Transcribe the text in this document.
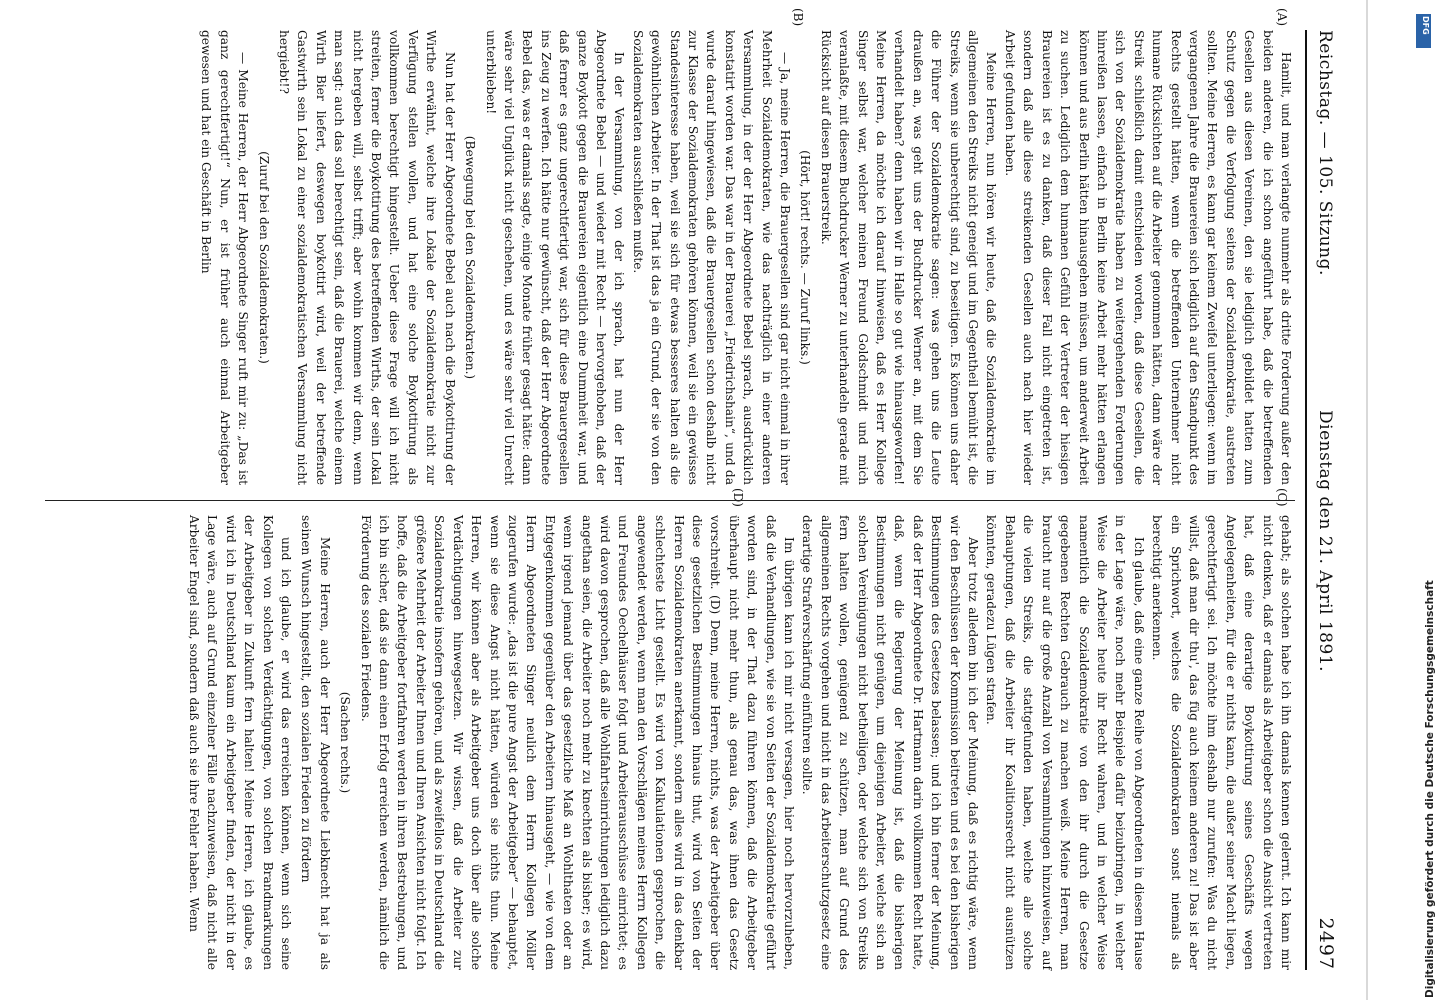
Reichstag. — 105. Sitzung.
Dienstag den 21. April 1891.
2497
(A)
(B)
(C)
(D)

Hamlit, und man verlangte nunmehr als dritte Forderung außer den beiden anderen, die ich schon angeführt habe, daß die betreffenden Gesellen aus diesen Vereinen, den sie lediglich gebildet hatten zum Schutz gegen die Verfolgung seitens der Sozialdemokratie, austreten sollten. Meine Herren, es kann gar keinem Zweifel unterliegen: wenn im vergangenen Jahre die Brauereien sich lediglich auf den Standpunkt des Rechts gestellt hätten, wenn die betreffenden Unternehmer nicht humane Rücksichten auf die Arbeiter genommen hätten, dann wäre der Streik schließlich damit entschieden worden, daß diese Gesellen, die sich von der Sozialdemokratie haben zu weitergehenden Forderungen hinreißen lassen, einfach in Berlin keine Arbeit mehr hätten erlangen können und aus Berlin hätten hinausgehen müssen, um anderweit Arbeit zu suchen. Lediglich dem humanen Gefühl der Vertreter der hiesigen Brauereien ist es zu danken, daß dieser Fall nicht eingetreten ist, sondern daß alle diese streikenden Gesellen auch nach hier wieder Arbeit gefunden haben.

Meine Herren, nun hören wir heute, daß die Sozialdemokratie im allgemeinen den Streiks nicht geneigt und im Gegentheil bemüht ist, die Streiks, wenn sie unberechtigt sind, zu beseitigen. Es können uns daher die Führer der Sozialdemokratie sagen: was gehen uns die Leute draußen an, was geht uns der Buchdrucker Werner an, mit dem Sie verhandelt haben? denn haben wir in Halle so gut wie hinausgeworfen! Meine Herren, da möchte ich darauf hinweisen, daß es Herr Kollege Singer selbst war, welcher meinen Freund Goldschmidt und mich veranlaßte, mit diesem Buchdrucker Werner zu unterhandeln gerade mit Rücksicht auf diesen Brauerstreik.

(Hört, hört! rechts. — Zuruf links.)

— Ja, meine Herren, die Brauergesellen sind gar nicht einmal in ihrer Mehrheit Sozialdemokraten, wie das nachträglich in einer anderen Versammlung, in der der Herr Abgeordnete Bebel sprach, ausdrücklich konstatirt worden war. Das war in der Brauerei „Friedrichshain“, und da wurde darauf hingewiesen, daß die Brauergesellen schon deshalb nicht zur Klasse der Sozialdemokraten gehören können, weil sie ein gewisses Standesinteresse haben, weil sie sich für etwas besseres halten als die gewöhnlichen Arbeiter. In der That ist das ja ein Grund, der sie von den Sozialdemokraten ausschließen mußte.

In der Versammlung, von der ich sprach, hat nun der Herr Abgeordnete Bebel — und wieder mit Recht — hervorgehoben, daß der ganze Boykott gegen die Brauereien eigentlich eine Dummheit war, und daß ferner es ganz ungerechtfertigt war, sich für diese Brauergesellen ins Zeug zu werfen. Ich hätte nur gewünscht, daß der Herr Abgeordnete Bebel das, was er damals sagte, einige Monate früher gesagt hätte: dann wäre sehr viel Unglück nicht geschehen, und es wäre sehr viel Unrecht unterblieben!

(Bewegung bei den Sozialdemokraten.)

Nun hat der Herr Abgeordnete Bebel auch nach die Boykottirung der Wirthe erwähnt, welche ihre Lokale der Sozialdemokratie nicht zur Verfügung stellen wollen, und hat eine solche Boykottirung als vollkommen berechtigt hingestellt. Ueber diese Frage will ich nicht streiten, ferner die Boykottirung des betreffenden Wirths, der sein Lokal nicht hergeben will, selbst trifft; aber wohin kommen wir denn, wenn man sagt: auch das soll berechtigt sein, daß die Brauerei, welche einem Wirth Bier liefert, deswegen boykottirt wird, weil der betreffende Gastwirth sein Lokal zu einer sozialdemokratischen Versammlung nicht hergiebt!?

(Zuruf bei den Sozialdemokraten.)

— Meine Herren, der Herr Abgeordnete Singer ruft mir zu: „Das ist ganz gerechtfertigt!“ Nun, er ist früher auch einmal Arbeitgeber gewesen und hat ein Geschäft in Berlin

gehabt; als solchen habe ich ihn damals kennen gelernt. Ich kann mir nicht denken, daß er damals als Arbeitgeber schon die Ansicht vertreten hat, daß eine derartige Boykottirung seines Geschäfts wegen Angelegenheiten, für die er nichts kann, die außer seiner Macht liegen, gerechtfertigt sei. Ich möchte ihm deshalb nur zurufen: Was du nicht willst, daß man dir thu', das füg auch keinem anderen zu! Das ist aber ein Sprichwort, welches die Sozialdemokraten sonst niemals als berechtigt anerkennen.

Ich glaube, daß eine ganze Reihe von Abgeordneten in diesem Hause in der Lage wäre, noch mehr Beispiele dafür beizubringen, in welcher Weise die Arbeiter heute ihr Recht wahren, und in welcher Weise namentlich die Sozialdemokratie von den ihr durch die Gesetze gegebenen Rechten Gebrauch zu machen weiß. Meine Herren, man braucht nur auf die große Anzahl von Versammlungen hinzuweisen, auf die vielen Streiks, die stattgefunden haben, welche alle solche Behauptungen, daß die Arbeiter ihr Koalitionsrecht nicht ausnützen könnten, geradezu Lügen strafen.

Aber trotz alledem bin ich der Meinung, daß es richtig wäre, wenn wir den Beschlüssen der Kommission beitreten und es bei den bisherigen Bestimmungen des Gesetzes belassen; und ich bin ferner der Meinung, daß der Herr Abgeordnete Dr. Hartmann darin vollkommen Recht hatte, daß, wenn die Regierung der Meinung ist, daß die bisherigen Bestimmungen nicht genügen, um diejenigen Arbeiter, welche sich an solchen Vereinigungen nicht betheiligen, oder welche sich von Streiks fern halten wollen, genügend zu schützen, man auf Grund des allgemeinen Rechts vorgehen und nicht in das Arbeiterschutzgesetz eine derartige Strafverschärfung einführen sollte.

Im übrigen kann ich mir nicht versagen, hier noch hervorzuheben, daß die Verhandlungen, wie sie von Seiten der Sozialdemokratie geführt worden sind, in der That dazu führen können, daß die Arbeitgeber überhaupt nicht mehr thun, als genau das, was ihnen das Gesetz vorschreibt. (D) Denn, meine Herren, nichts, was der Arbeitgeber über diese gesetzlichen Bestimmungen hinaus thut, wird von Seiten der Herren Sozialdemokraten anerkannt, sondern alles wird in das denkbar schlechteste Licht gestellt. Es wird von Kalkulationen gesprochen, die angewendet werden, wenn man den Vorschlägen meines Herrn Kollegen und Freundes Oechelhäuser folgt und Arbeiterausschüsse einrichtet; es wird davon gesprochen, daß alle Wohlfahrtseinrichtungen lediglich dazu angethan seien, die Arbeiter noch mehr zu knechten als bisher; es wird, wenn irgend jemand über das gesetzliche Maß an Wohlthaten oder an Entgegenkommen gegenüber den Arbeitern hinausgeht, — wie von dem Herrn Abgeordneten Singer neulich dem Herrn Kollegen Möller zugerufen wurde: „das ist die pure Angst der Arbeitgeber“ — behauptet, wenn sie diese Angst nicht hätten, würden sie nichts thun. Meine Herren, wir können aber als Arbeitgeber uns doch über alle solche Verdächtigungen hinwegsetzen. Wir wissen, daß die Arbeiter zur Sozialdemokratie insofern gehören, und als zweifellos in Deutschland die größere Mehrheit der Arbeiter Ihnen und Ihren Ansichten nicht folgt. Ich hoffe, daß die Arbeitgeber fortfahren werden in ihren Bestrebungen, und ich bin sicher, daß sie dann einen Erfolg erreichen werden, nämlich die Förderung des sozialen Friedens.

(Sachen rechts.)

Meine Herren, auch der Herr Abgeordnete Liebknecht hat ja als seinen Wunsch hingestellt, den sozialen Frieden zu fördern

und ich glaube, er wird das erreichen können, wenn sich seine Kollegen von solchen Verdächtigungen, von solchen Brandmarkungen der Arbeitgeber in Zukunft fern halten! Meine Herren, ich glaube, es wird ich in Deutschland kaum ein Arbeitgeber finden, der nicht in der Lage wäre, auch auf Grund einzelner Fälle nachzuweisen, daß nicht alle Arbeiter Engel sind, sondern daß auch sie ihre Fehler haben. Wenn	Digitalisierung gefördert durch die Deutsche Forschungsgemeinschaft
DFG
